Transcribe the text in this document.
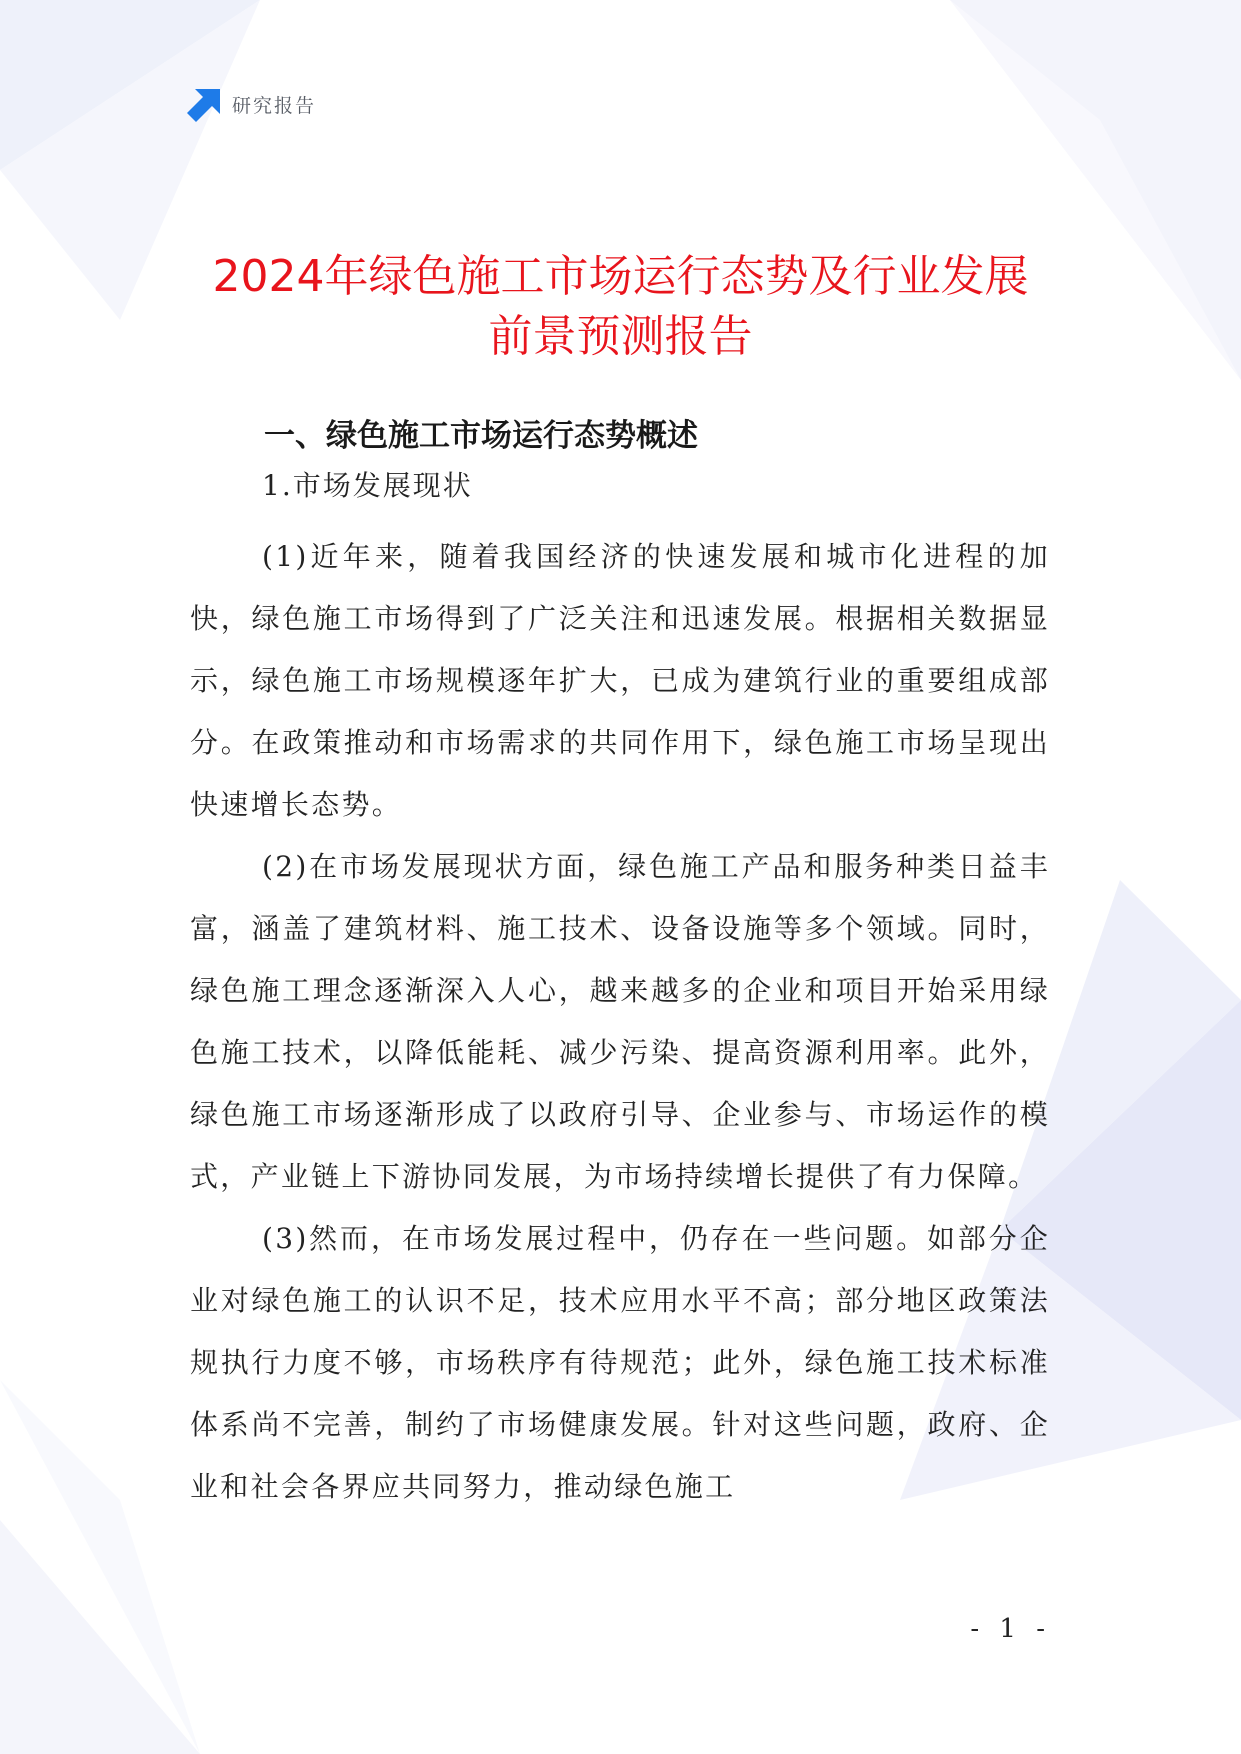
研究报告
2024年绿色施工市场运行态势及行业发展
前景预测报告
一、绿色施工市场运行态势概述
1.市场发展现状

(1)近年来，随着我国经济的快速发展和城市化进程的加快，绿色施工市场得到了广泛关注和迅速发展。根据相关数据显示，绿色施工市场规模逐年扩大，已成为建筑行业的重要组成部分。在政策推动和市场需求的共同作用下，绿色施工市场呈现出快速增长态势。

(2)在市场发展现状方面，绿色施工产品和服务种类日益丰富，涵盖了建筑材料、施工技术、设备设施等多个领域。同时，绿色施工理念逐渐深入人心，越来越多的企业和项目开始采用绿色施工技术，以降低能耗、减少污染、提高资源利用率。此外，绿色施工市场逐渐形成了以政府引导、企业参与、市场运作的模式，产业链上下游协同发展，为市场持续增长提供了有力保障。

(3)然而，在市场发展过程中，仍存在一些问题。如部分企业对绿色施工的认识不足，技术应用水平不高；部分地区政策法规执行力度不够，市场秩序有待规范；此外，绿色施工技术标准体系尚不完善，制约了市场健康发展。针对这些问题，政府、企业和社会各界应共同努力，推动绿色施工

- 1 -
